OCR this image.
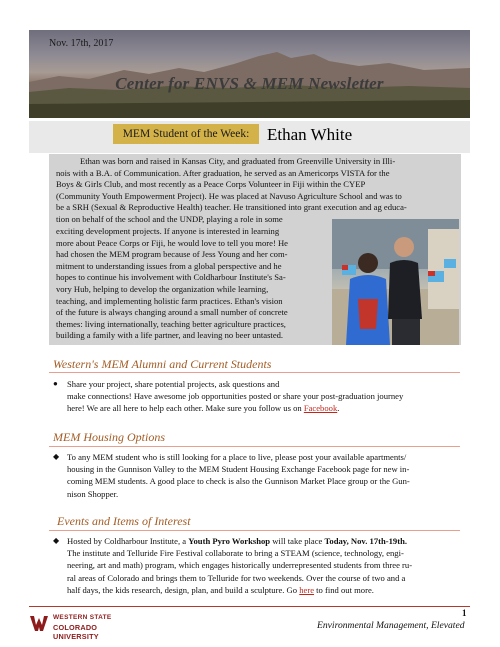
Nov. 17th, 2017
Center for ENVS & MEM Newsletter
MEM Student of the Week:	Ethan White
Ethan was born and raised in Kansas City, and graduated from Greenville University in Illi-
nois with a B.A. of Communication. After graduation, he served as an Americorps VISTA for the
Boys & Girls Club, and most recently as a Peace Corps Volunteer in Fiji within the CYEP
(Community Youth Empowerment Project). He was placed at Navuso Agriculture School and was to
be a SRH (Sexual & Reproductive Health) teacher. He transitioned into grant execution and ag educa-
tion on behalf of the school and the UNDP, playing a role in some
exciting development projects. If anyone is interested in learning
more about Peace Corps or Fiji, he would love to tell you more! He
had chosen the MEM program because of Jess Young and her com-
mitment to understanding issues from a global perspective and he
hopes to continue his involvement with Coldharbour Institute's Sa-
vory Hub, helping to develop the organization while learning,
teaching, and implementing holistic farm practices. Ethan's vision
of the future is always changing around a small number of concrete
themes: living internationally, teaching better agriculture practices,
building a family with a life partner, and leaving no beer untasted.
Western's MEM Alumni and Current Students
● Share your project, share potential projects, ask questions and
make connections! Have awesome job opportunities posted or share your post-graduation journey
here! We are all here to help each other. Make sure you follow us on Facebook.
MEM Housing Options
◆ To any MEM student who is still looking for a place to live, please post your available apartments/
housing in the Gunnison Valley to the MEM Student Housing Exchange Facebook page for new in-
coming MEM students. A good place to check is also the Gunnison Market Place group or the Gun-
nison Shopper.
Events and Items of Interest
◆ Hosted by Coldharbour Institute, a Youth Pyro Workshop will take place Today, Nov. 17th-19th.
The institute and Telluride Fire Festival collaborate to bring a STEAM (science, technology, engi-
neering, art and math) program, which engages historically underrepresented students from three ru-
ral areas of Colorado and brings them to Telluride for two weekends. Over the course of two and a
half days, the kids research, design, plan, and build a sculpture. Go here to find out more.
WESTERN STATE
COLORADO UNIVERSITY
1
Environmental Management, Elevated
